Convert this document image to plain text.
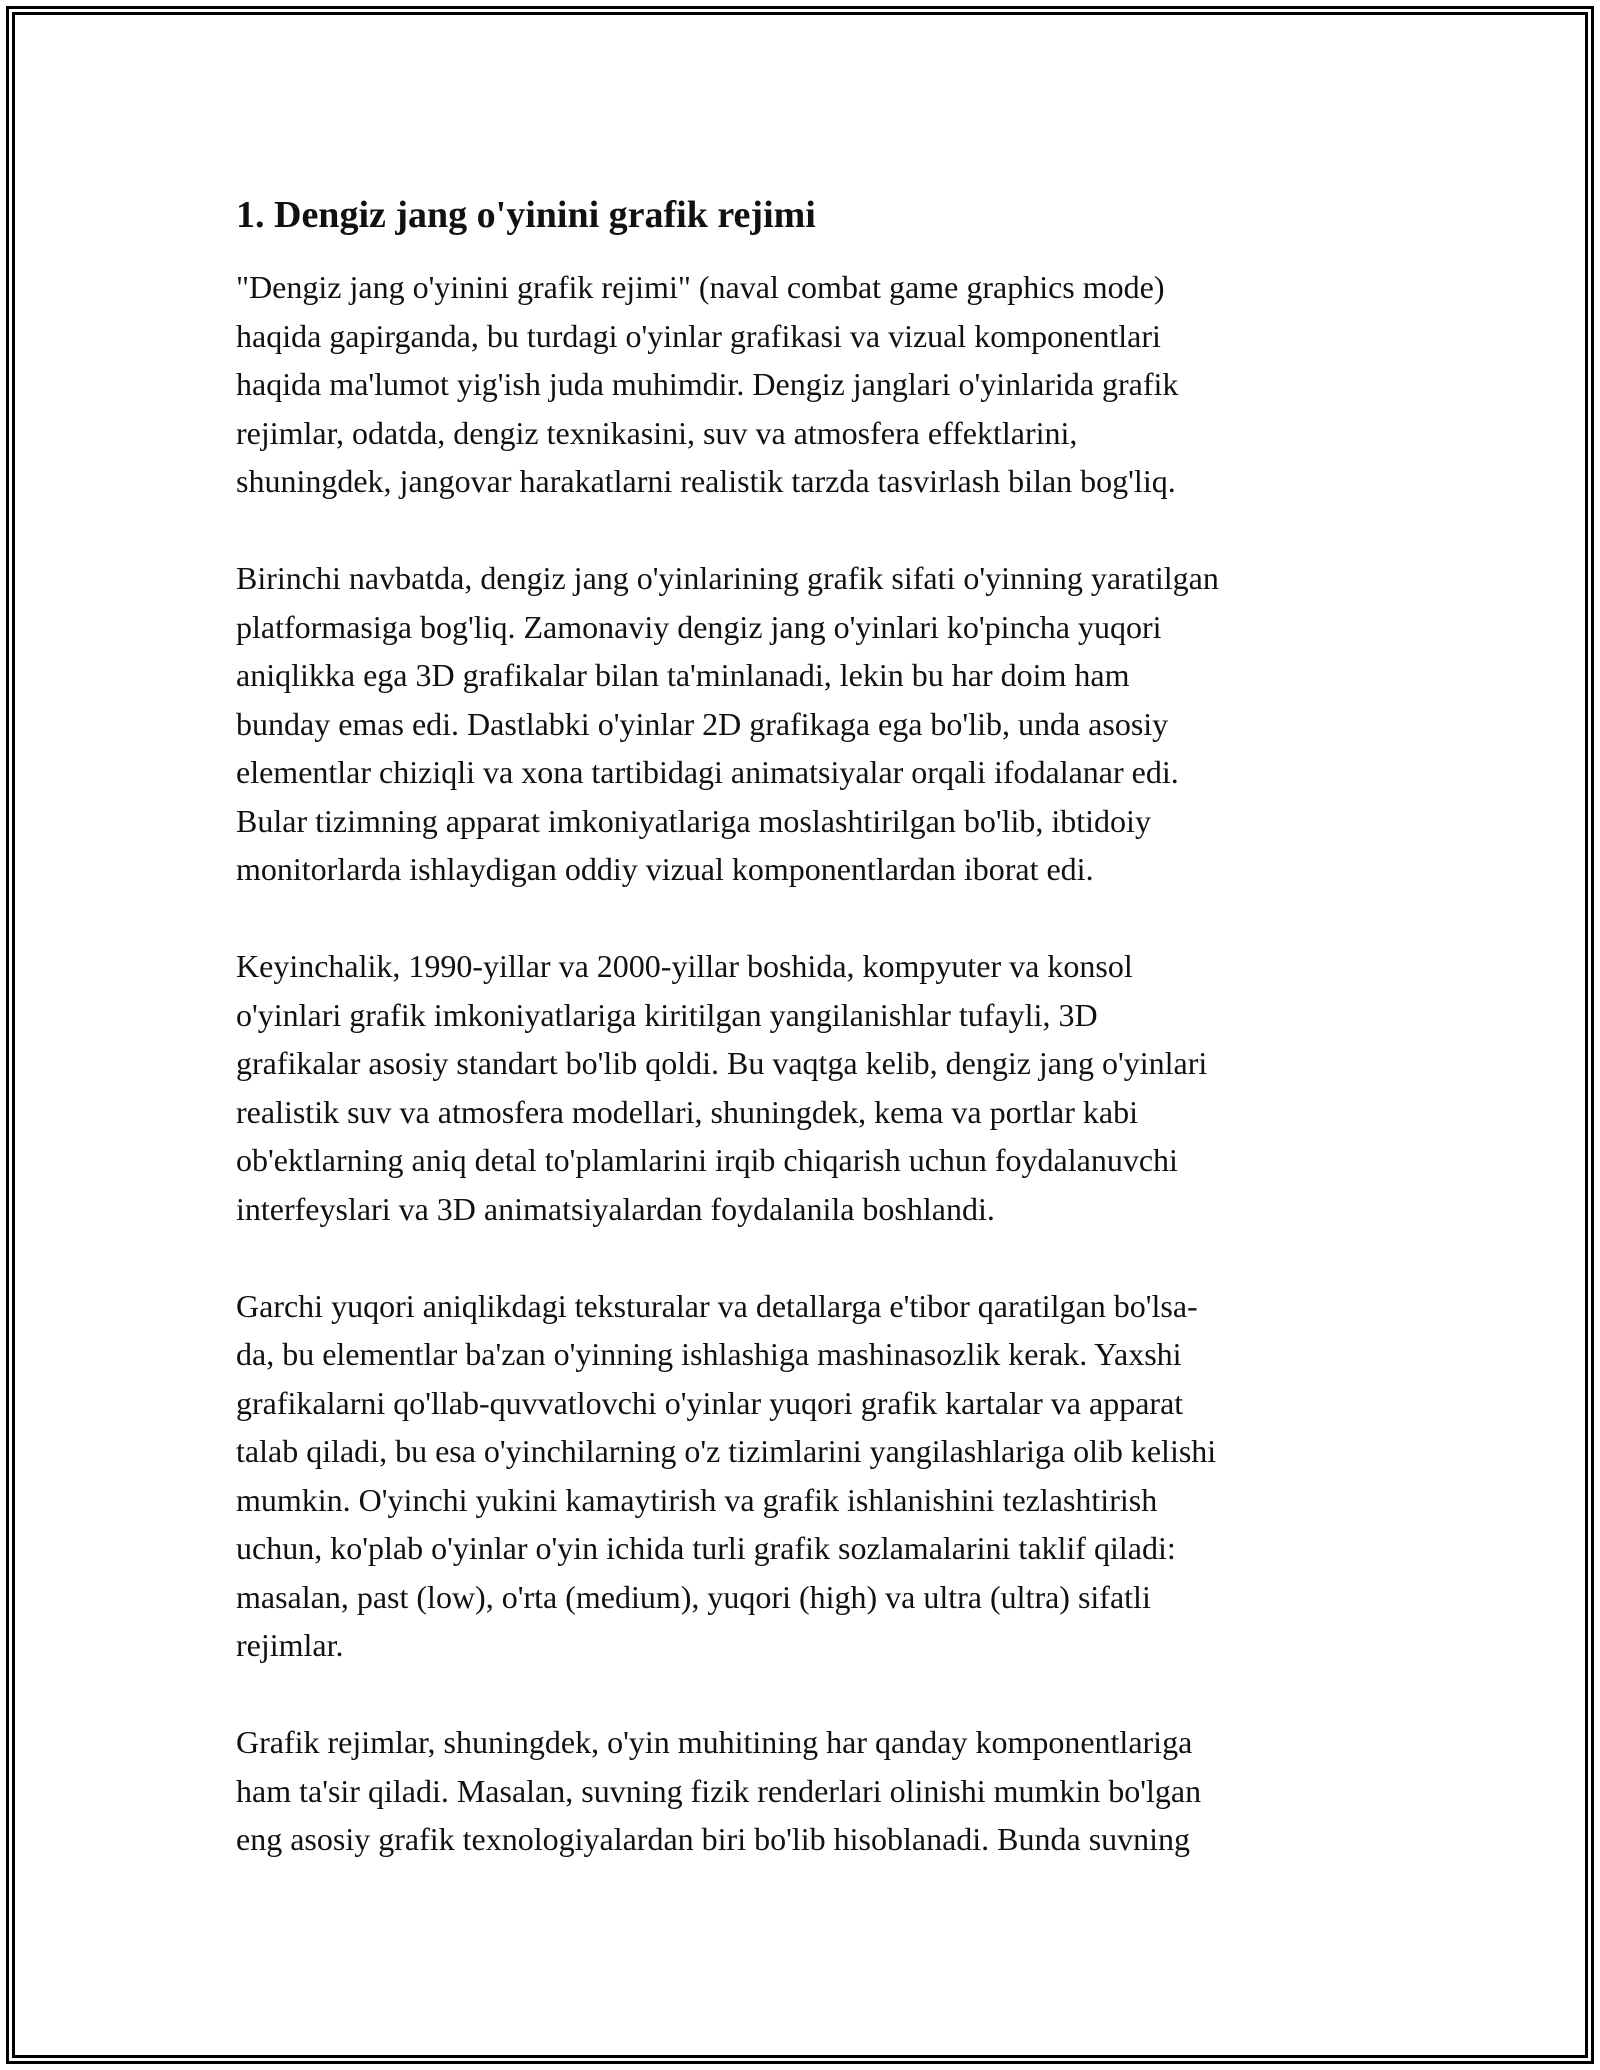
1. Dengiz jang o'yinini grafik rejimi

"Dengiz jang o'yinini grafik rejimi" (naval combat game graphics mode)
haqida gapirganda, bu turdagi o'yinlar grafikasi va vizual komponentlari
haqida ma'lumot yig'ish juda muhimdir. Dengiz janglari o'yinlarida grafik
rejimlar, odatda, dengiz texnikasini, suv va atmosfera effektlarini,
shuningdek, jangovar harakatlarni realistik tarzda tasvirlash bilan bog'liq.

Birinchi navbatda, dengiz jang o'yinlarining grafik sifati o'yinning yaratilgan
platformasiga bog'liq. Zamonaviy dengiz jang o'yinlari ko'pincha yuqori
aniqlikka ega 3D grafikalar bilan ta'minlanadi, lekin bu har doim ham
bunday emas edi. Dastlabki o'yinlar 2D grafikaga ega bo'lib, unda asosiy
elementlar chiziqli va xona tartibidagi animatsiyalar orqali ifodalanar edi.
Bular tizimning apparat imkoniyatlariga moslashtirilgan bo'lib, ibtidoiy
monitorlarda ishlaydigan oddiy vizual komponentlardan iborat edi.

Keyinchalik, 1990-yillar va 2000-yillar boshida, kompyuter va konsol
o'yinlari grafik imkoniyatlariga kiritilgan yangilanishlar tufayli, 3D
grafikalar asosiy standart bo'lib qoldi. Bu vaqtga kelib, dengiz jang o'yinlari
realistik suv va atmosfera modellari, shuningdek, kema va portlar kabi
ob'ektlarning aniq detal to'plamlarini irqib chiqarish uchun foydalanuvchi
interfeyslari va 3D animatsiyalardan foydalanila boshlandi.

Garchi yuqori aniqlikdagi teksturalar va detallarga e'tibor qaratilgan bo'lsa-
da, bu elementlar ba'zan o'yinning ishlashiga mashinasozlik kerak. Yaxshi
grafikalarni qo'llab-quvvatlovchi o'yinlar yuqori grafik kartalar va apparat
talab qiladi, bu esa o'yinchilarning o'z tizimlarini yangilashlariga olib kelishi
mumkin. O'yinchi yukini kamaytirish va grafik ishlanishini tezlashtirish
uchun, ko'plab o'yinlar o'yin ichida turli grafik sozlamalarini taklif qiladi:
masalan, past (low), o'rta (medium), yuqori (high) va ultra (ultra) sifatli
rejimlar.

Grafik rejimlar, shuningdek, o'yin muhitining har qanday komponentlariga
ham ta'sir qiladi. Masalan, suvning fizik renderlari olinishi mumkin bo'lgan
eng asosiy grafik texnologiyalardan biri bo'lib hisoblanadi. Bunda suvning
